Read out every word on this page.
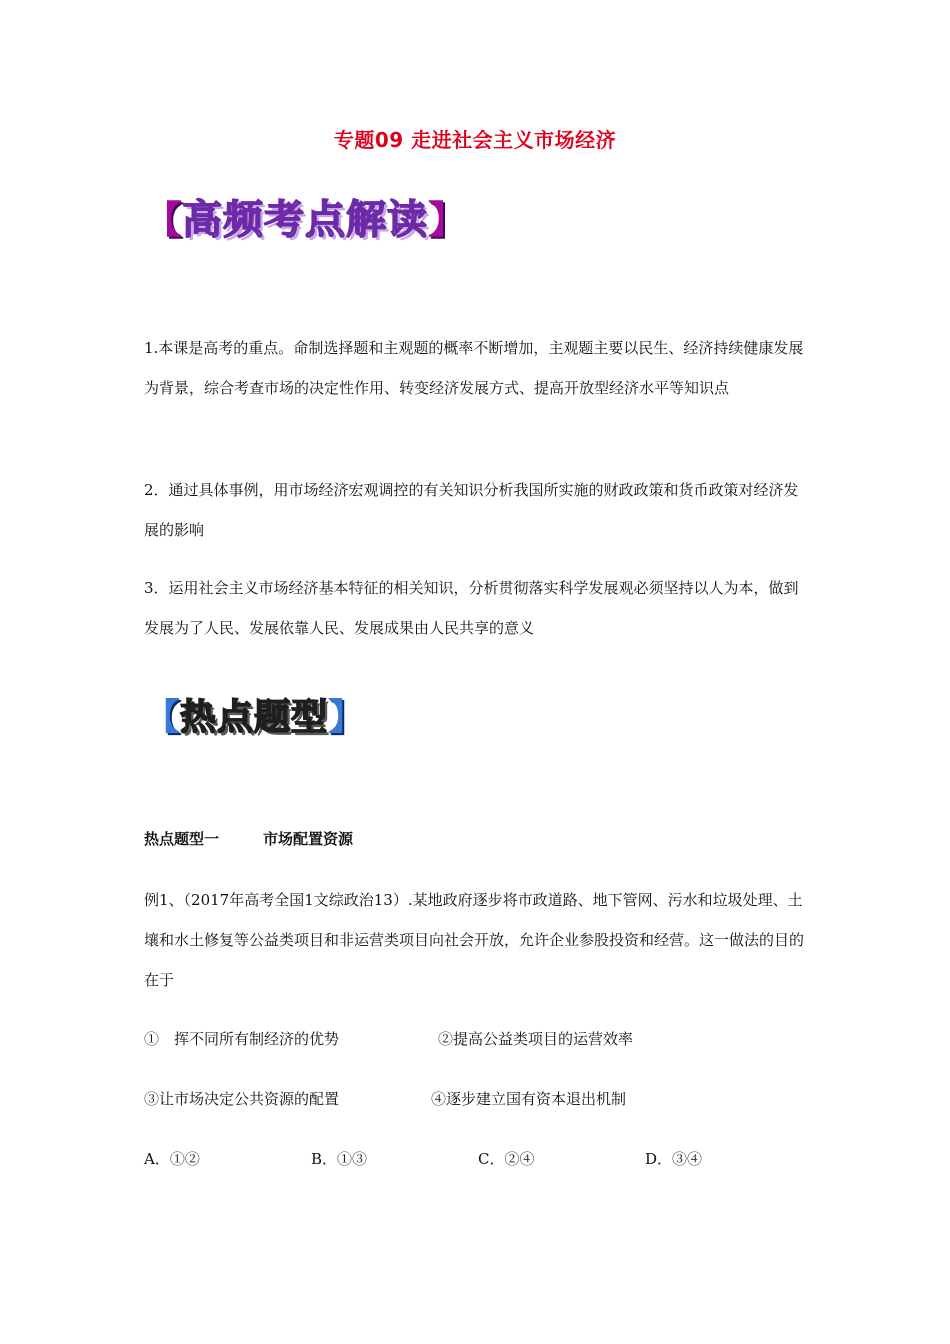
专题09 走进社会主义市场经济
【 高频考点解读 】

1.本课是高考的重点。命制选择题和主观题的概率不断增加，主观题主要以民生、经济持续健康发展为背景，综合考查市场的决定性作用、转变经济发展方式、提高开放型经济水平等知识点

2．通过具体事例，用市场经济宏观调控的有关知识分析我国所实施的财政政策和货币政策对经济发展的影响

3．运用社会主义市场经济基本特征的相关知识，分析贯彻落实科学发展观必须坚持以人为本，做到发展为了人民、发展依靠人民、发展成果由人民共享的意义

【 热点题型 】
热点题型一	市场配置资源

例1、（2017年高考全国1文综政治13）.某地政府逐步将市政道路、地下管网、污水和垃圾处理、土壤和水土修复等公益类项目和非运营类项目向社会开放，允许企业参股投资和经营。这一做法的目的在于

①　挥不同所有制经济的优势	②提高公益类项目的运营效率
③让市场决定公共资源的配置	④逐步建立国有资本退出机制
A．①②	B．①③	C．②④	D．③④
